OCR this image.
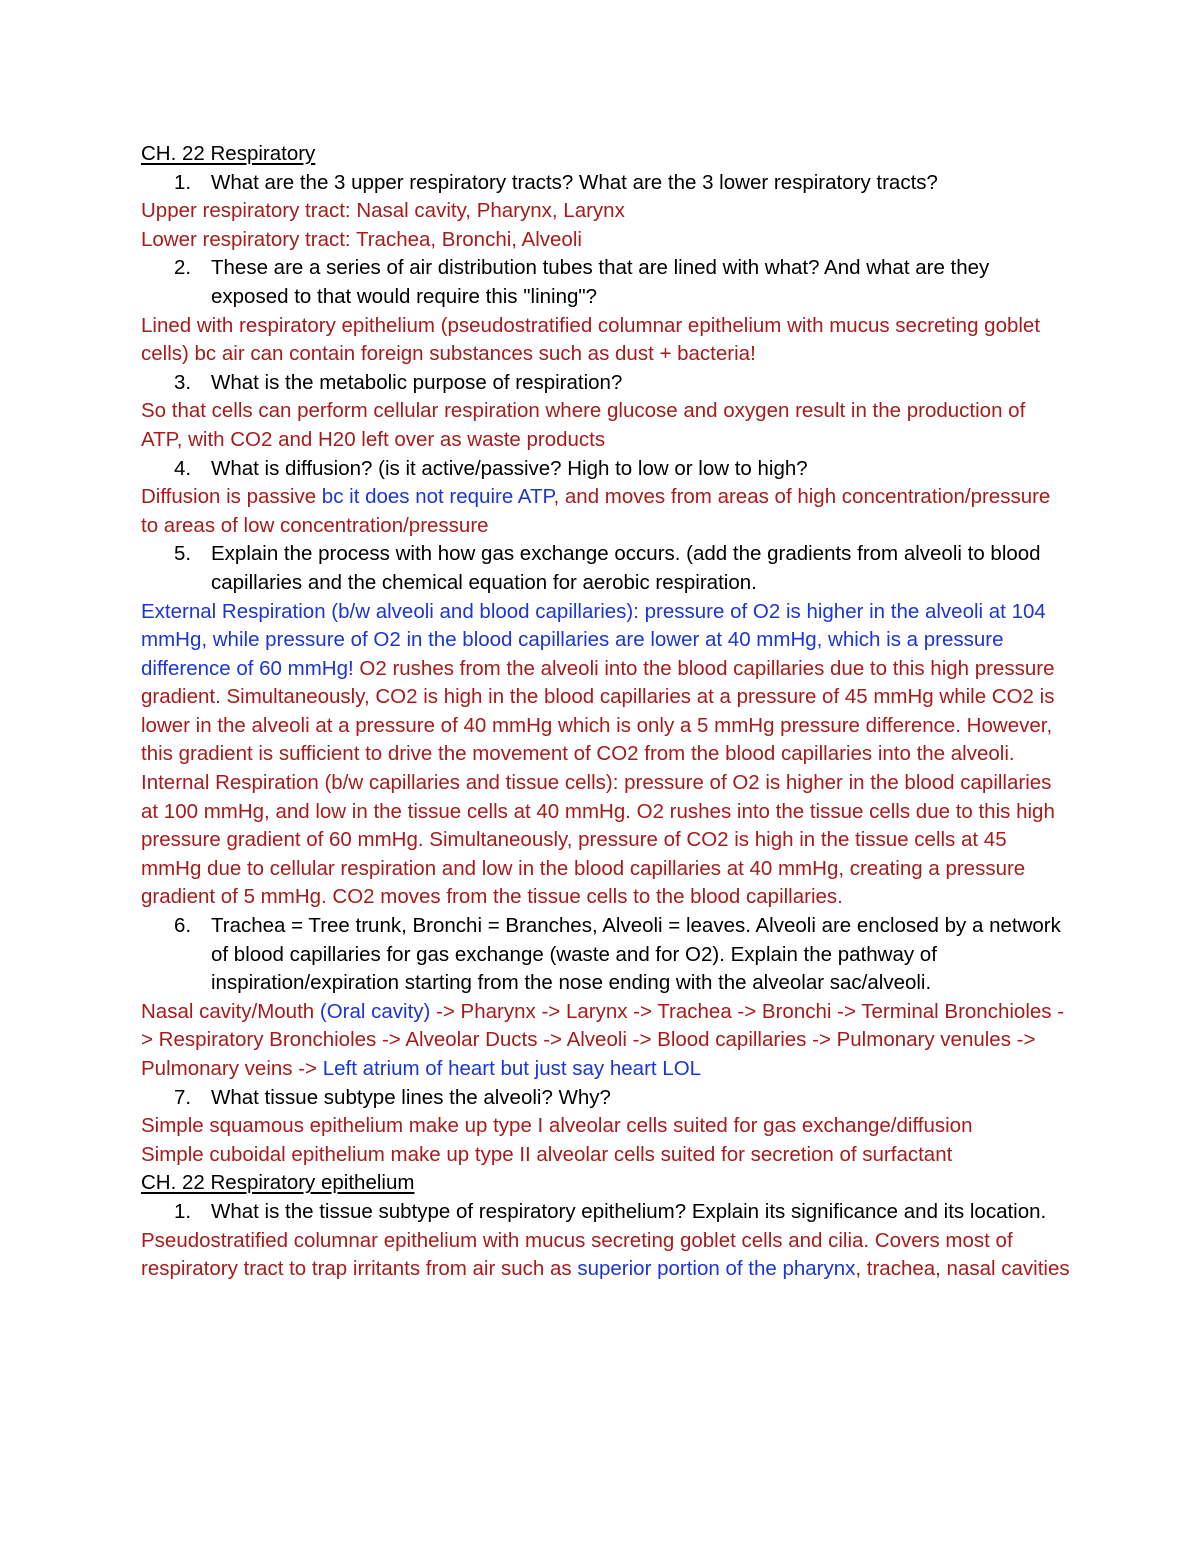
CH. 22 Respiratory
1. What are the 3 upper respiratory tracts? What are the 3 lower respiratory tracts?
Upper respiratory tract: Nasal cavity, Pharynx, Larynx
Lower respiratory tract: Trachea, Bronchi, Alveoli
2. These are a series of air distribution tubes that are lined with what? And what are they exposed to that would require this "lining"?
Lined with respiratory epithelium (pseudostratified columnar epithelium with mucus secreting goblet cells) bc air can contain foreign substances such as dust + bacteria!
3. What is the metabolic purpose of respiration?
So that cells can perform cellular respiration where glucose and oxygen result in the production of ATP, with CO2 and H20 left over as waste products
4. What is diffusion? (is it active/passive? High to low or low to high?
Diffusion is passive bc it does not require ATP, and moves from areas of high concentration/pressure to areas of low concentration/pressure
5. Explain the process with how gas exchange occurs. (add the gradients from alveoli to blood capillaries and the chemical equation for aerobic respiration.
External Respiration (b/w alveoli and blood capillaries): pressure of O2 is higher in the alveoli at 104 mmHg, while pressure of O2 in the blood capillaries are lower at 40 mmHg, which is a pressure difference of 60 mmHg! O2 rushes from the alveoli into the blood capillaries due to this high pressure gradient. Simultaneously, CO2 is high in the blood capillaries at a pressure of 45 mmHg while CO2 is lower in the alveoli at a pressure of 40 mmHg which is only a 5 mmHg pressure difference. However, this gradient is sufficient to drive the movement of CO2 from the blood capillaries into the alveoli.
Internal Respiration (b/w capillaries and tissue cells): pressure of O2 is higher in the blood capillaries at 100 mmHg, and low in the tissue cells at 40 mmHg. O2 rushes into the tissue cells due to this high pressure gradient of 60 mmHg. Simultaneously, pressure of CO2 is high in the tissue cells at 45 mmHg due to cellular respiration and low in the blood capillaries at 40 mmHg, creating a pressure gradient of 5 mmHg. CO2 moves from the tissue cells to the blood capillaries.
6. Trachea = Tree trunk, Bronchi = Branches, Alveoli = leaves. Alveoli are enclosed by a network of blood capillaries for gas exchange (waste and for O2). Explain the pathway of inspiration/expiration starting from the nose ending with the alveolar sac/alveoli.
Nasal cavity/Mouth (Oral cavity) -> Pharynx -> Larynx -> Trachea -> Bronchi -> Terminal Bronchioles -> Respiratory Bronchioles -> Alveolar Ducts -> Alveoli -> Blood capillaries -> Pulmonary venules -> Pulmonary veins -> Left atrium of heart but just say heart LOL
7. What tissue subtype lines the alveoli? Why?
Simple squamous epithelium make up type I alveolar cells suited for gas exchange/diffusion
Simple cuboidal epithelium make up type II alveolar cells suited for secretion of surfactant
CH. 22 Respiratory epithelium
1. What is the tissue subtype of respiratory epithelium? Explain its significance and its location.
Pseudostratified columnar epithelium with mucus secreting goblet cells and cilia. Covers most of respiratory tract to trap irritants from air such as superior portion of the pharynx, trachea, nasal cavities
